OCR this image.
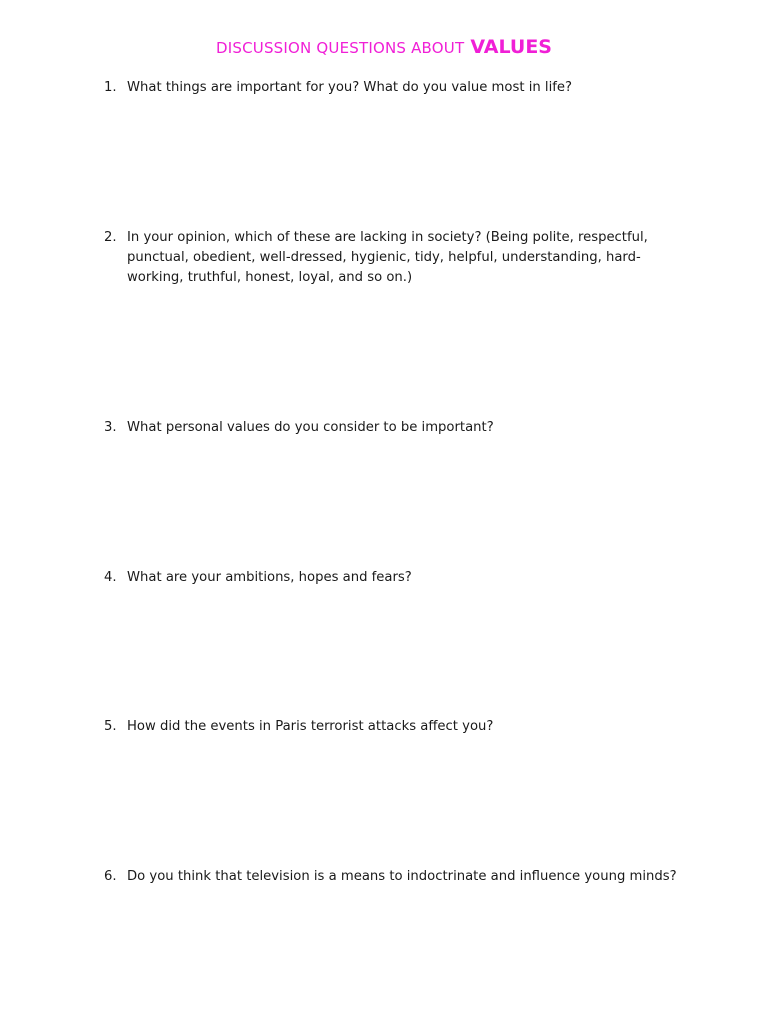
DISCUSSION QUESTIONS ABOUT VALUES
1. What things are important for you? What do you value most in life?
2. In your opinion, which of these are lacking in society? (Being polite, respectful, punctual, obedient, well-dressed, hygienic, tidy, helpful, understanding, hard-working, truthful, honest, loyal, and so on.)
3. What personal values do you consider to be important?
4. What are your ambitions, hopes and fears?
5. How did the events in Paris terrorist attacks affect you?
6. Do you think that television is a means to indoctrinate and influence young minds?
